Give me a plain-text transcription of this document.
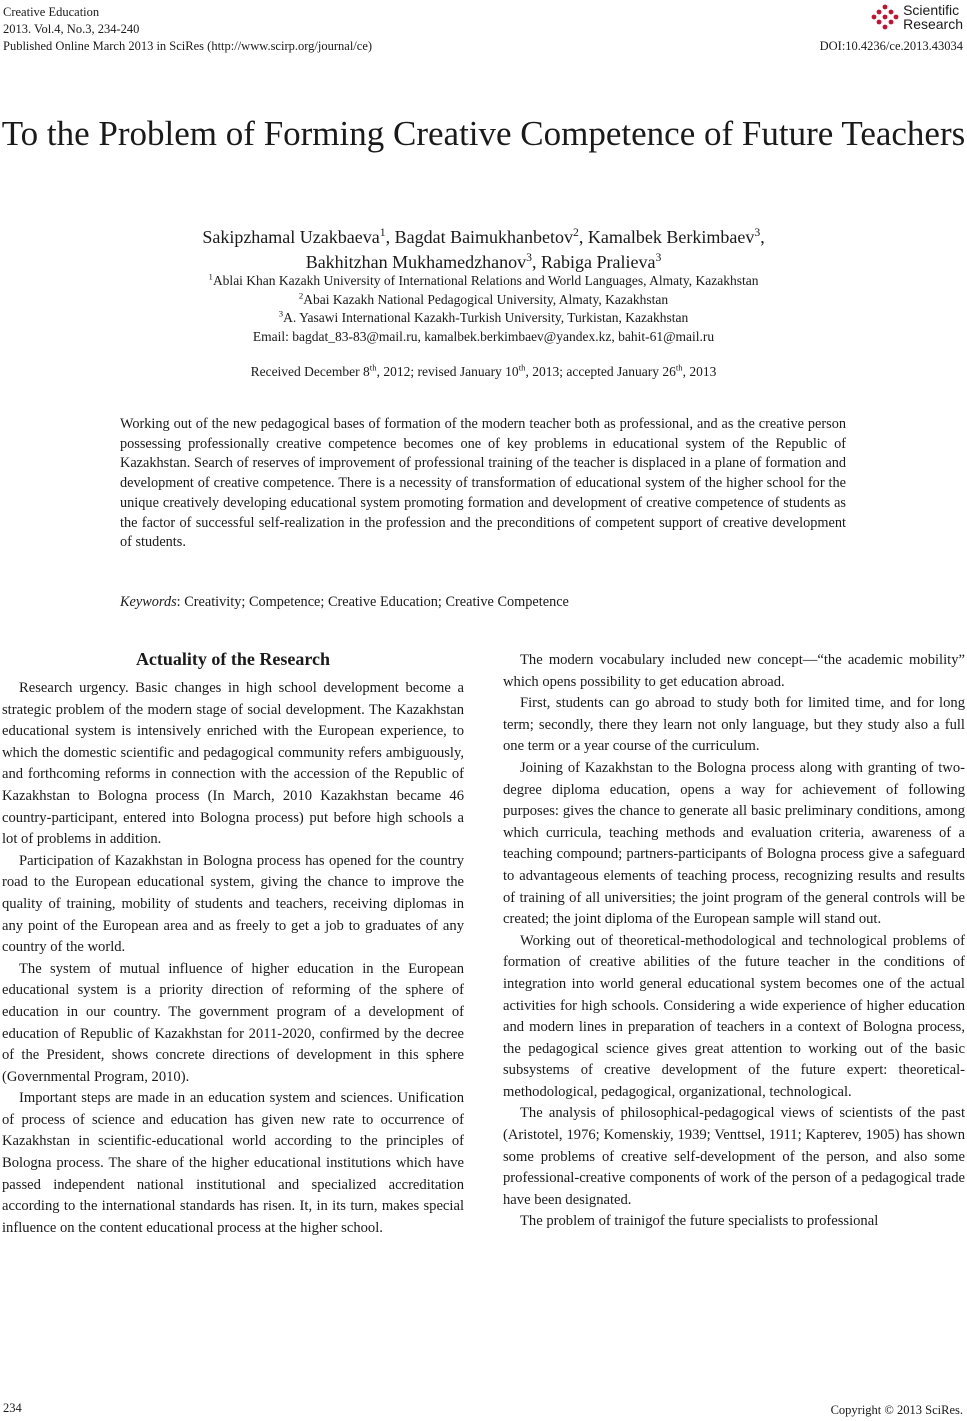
Creative Education
2013. Vol.4, No.3, 234-240
Published Online March 2013 in SciRes (http://www.scirp.org/journal/ce)
Scientific
Research
DOI:10.4236/ce.2013.43034
To the Problem of Forming Creative Competence of Future Teachers
Sakipzhamal Uzakbaeva$^1$, Bagdat Baimukhanbetov$^2$, Kamalbek Berkimbaev$^3$,
Bakhitzhan Mukhamedzhanov$^3$, Rabiga Pralieva$^3$
$^1$Ablai Khan Kazakh University of International Relations and World Languages, Almaty, Kazakhstan
$^2$Abai Kazakh National Pedagogical University, Almaty, Kazakhstan
$^3$A. Yasawi International Kazakh-Turkish University, Turkistan, Kazakhstan
Email: bagdat_83-83@mail.ru, kamalbek.berkimbaev@yandex.kz, bahit-61@mail.ru
Received December 8th, 2012; revised January 10th, 2013; accepted January 26th, 2013
Working out of the new pedagogical bases of formation of the modern teacher both as professional, and as the creative person possessing professionally creative competence becomes one of key problems in educational system of the Republic of Kazakhstan. Search of reserves of improvement of professional training of the teacher is displaced in a plane of formation and development of creative competence. There is a necessity of transformation of educational system of the higher school for the unique creatively developing educational system promoting formation and development of creative competence of students as the factor of successful self-realization in the profession and the preconditions of competent support of creative development of students.
Keywords: Creativity; Competence; Creative Education; Creative Competence
Actuality of the Research

Research urgency. Basic changes in high school development become a strategic problem of the modern stage of social development. The Kazakhstan educational system is intensively enriched with the European experience, to which the domestic scientific and pedagogical community refers ambiguously, and forthcoming reforms in connection with the accession of the Republic of Kazakhstan to Bologna process (In March, 2010 Kazakhstan became 46 country-participant, entered into Bologna process) put before high schools a lot of problems in addition.

Participation of Kazakhstan in Bologna process has opened for the country road to the European educational system, giving the chance to improve the quality of training, mobility of students and teachers, receiving diplomas in any point of the European area and as freely to get a job to graduates of any country of the world.

The system of mutual influence of higher education in the European educational system is a priority direction of reforming of the sphere of education in our country. The government program of a development of education of Republic of Kazakhstan for 2011-2020, confirmed by the decree of the President, shows concrete directions of development in this sphere (Governmental Program, 2010).

Important steps are made in an education system and sciences. Unification of process of science and education has given new rate to occurrence of Kazakhstan in scientific-educational world according to the principles of Bologna process. The share of the higher educational institutions which have passed independent national institutional and specialized accreditation according to the international standards has risen. It, in its turn, makes special influence on the content educational process at the higher school.

The modern vocabulary included new concept—“the academic mobility” which opens possibility to get education abroad.

First, students can go abroad to study both for limited time, and for long term; secondly, there they learn not only language, but they study also a full one term or a year course of the curriculum.

Joining of Kazakhstan to the Bologna process along with granting of two-degree diploma education, opens a way for achievement of following purposes: gives the chance to generate all basic preliminary conditions, among which curricula, teaching methods and evaluation criteria, awareness of a teaching compound; partners-participants of Bologna process give a safeguard to advantageous elements of teaching process, recognizing results and results of training of all universities; the joint program of the general controls will be created; the joint diploma of the European sample will stand out.

Working out of theoretical-methodological and technological problems of formation of creative abilities of the future teacher in the conditions of integration into world general educational system becomes one of the actual activities for high schools. Considering a wide experience of higher education and modern lines in preparation of teachers in a context of Bologna process, the pedagogical science gives great attention to working out of the basic subsystems of creative development of the future expert: theoretical-methodological, pedagogical, organizational, technological.

The analysis of philosophical-pedagogical views of scientists of the past (Aristotel, 1976; Komenskiy, 1939; Venttsel, 1911; Kapterev, 1905) has shown some problems of creative self-development of the person, and also some professional-creative components of work of the person of a pedagogical trade have been designated.

The problem of trainigof the future specialists to professional

234	Copyright © 2013 SciRes.
